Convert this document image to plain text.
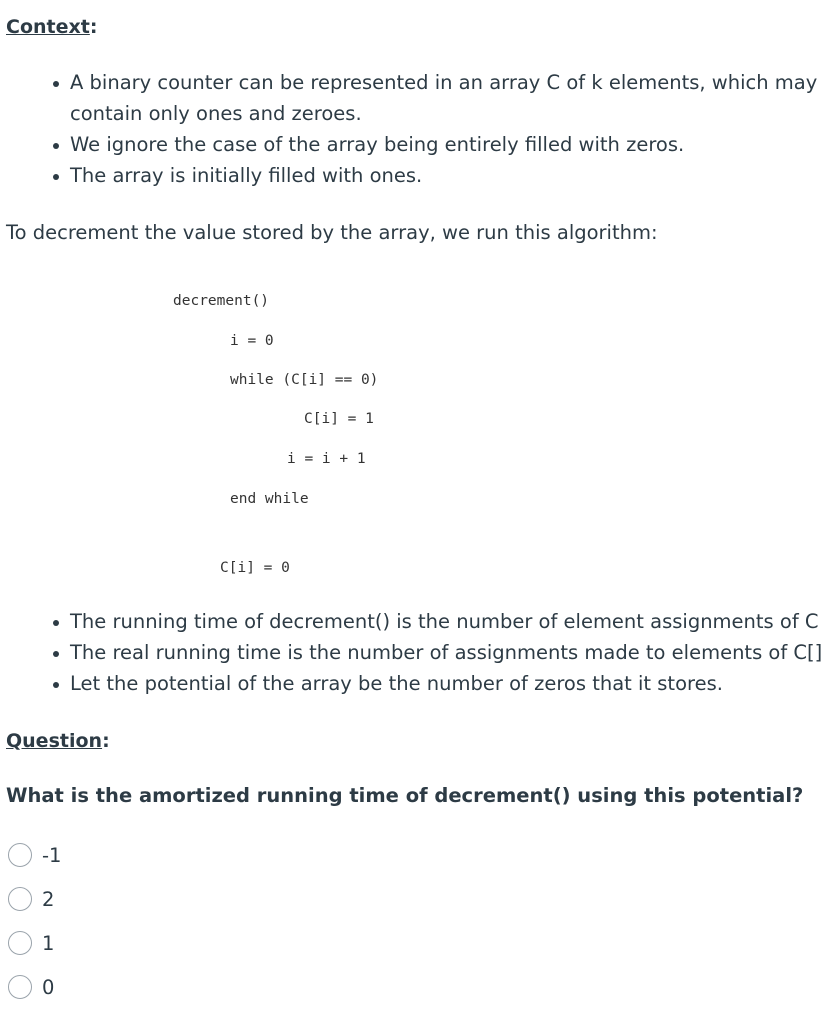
Context:
A binary counter can be represented in an array C of k elements, which may contain only ones and zeroes.
We ignore the case of the array being entirely filled with zeros.
The array is initially filled with ones.
To decrement the value stored by the array, we run this algorithm:
decrement()
i = 0
while (C[i] == 0)
C[i] = 1
i = i + 1
end while
C[i] = 0
The running time of decrement() is the number of element assignments of C
The real running time is the number of assignments made to elements of C[]
Let the potential of the array be the number of zeros that it stores.
Question:
What is the amortized running time of decrement() using this potential?
-1
2
1
0
